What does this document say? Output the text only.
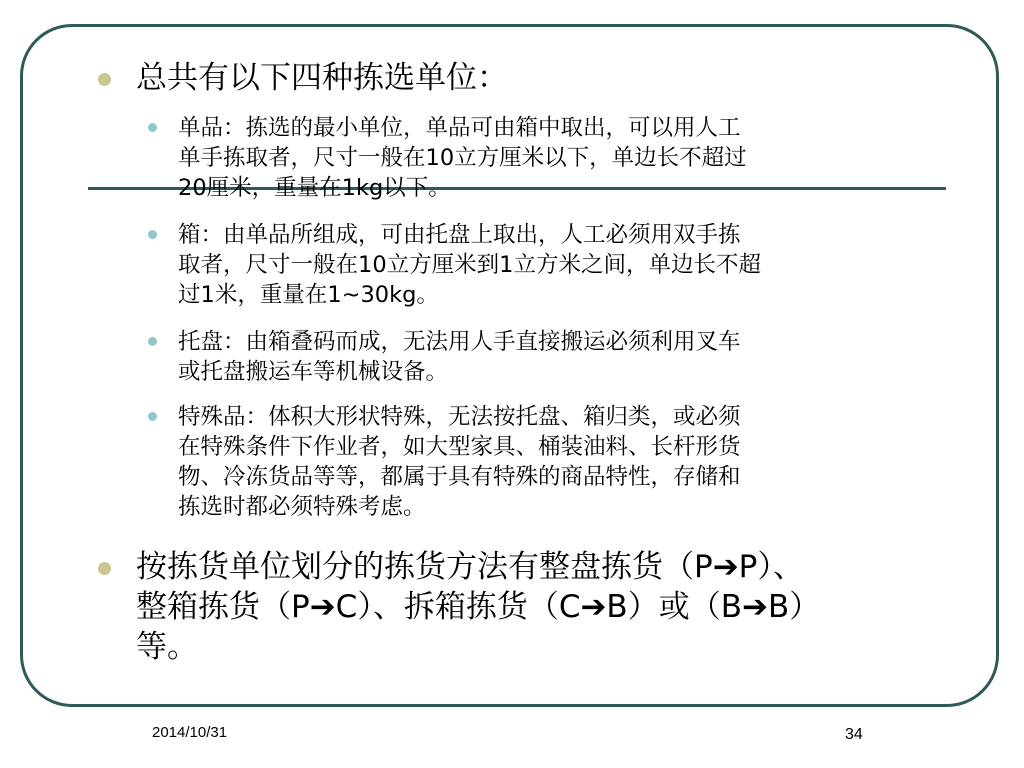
总共有以下四种拣选单位：
单品：拣选的最小单位，单品可由箱中取出，可以用人工
单手拣取者，尺寸一般在10立方厘米以下，单边长不超过
20厘米，重量在1kg以下。
箱：由单品所组成，可由托盘上取出，人工必须用双手拣
取者，尺寸一般在10立方厘米到1立方米之间，单边长不超
过1米，重量在1~30kg。
托盘：由箱叠码而成，无法用人手直接搬运必须利用叉车
或托盘搬运车等机械设备。
特殊品：体积大形状特殊，无法按托盘、箱归类，或必须
在特殊条件下作业者，如大型家具、桶装油料、长杆形货
物、冷冻货品等等，都属于具有特殊的商品特性，存储和
拣选时都必须特殊考虑。
按拣货单位划分的拣货方法有整盘拣货（P➔P）、
整箱拣货（P➔C）、拆箱拣货（C➔B）或（B➔B）
等。
2014/10/31	34
